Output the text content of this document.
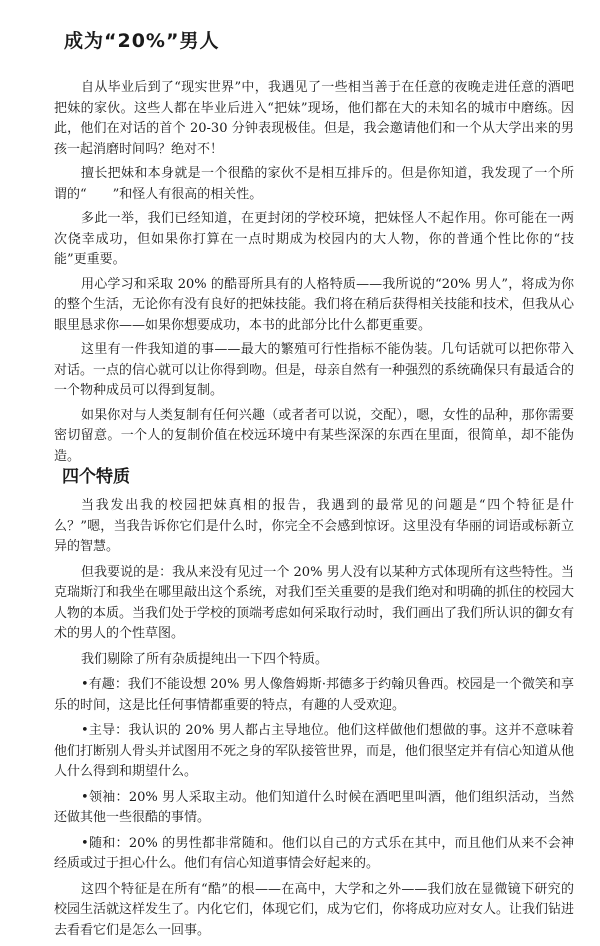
成为“20%”男人

自从毕业后到了“现实世界”中，我遇见了一些相当善于在任意的夜晚走进任意的酒吧把妹的家伙。这些人都在毕业后进入“把妹”现场，他们都在大的未知名的城市中磨练。因此，他们在对话的首个 20-30 分钟表现极佳。但是，我会邀请他们和一个从大学出来的男孩一起消磨时间吗？绝对不！

擅长把妹和本身就是一个很酷的家伙不是相互排斥的。但是你知道，我发现了一个所谓的“　　”和怪人有很高的相关性。

多此一举，我们已经知道，在更封闭的学校环境，把妹怪人不起作用。你可能在一两次侥幸成功，但如果你打算在一点时期成为校园内的大人物，你的普通个性比你的“技能”更重要。

用心学习和采取 20% 的酷哥所具有的人格特质——我所说的“20% 男人”，将成为你的整个生活，无论你有没有良好的把妹技能。我们将在稍后获得相关技能和技术，但我从心眼里恳求你——如果你想要成功，本书的此部分比什么都更重要。

这里有一件我知道的事——最大的繁殖可行性指标不能伪装。几句话就可以把你带入对话。一点的信心就可以让你得到吻。但是，母亲自然有一种强烈的系统确保只有最适合的一个物种成员可以得到复制。

如果你对与人类复制有任何兴趣（或者者可以说，交配），嗯，女性的品种，那你需要密切留意。一个人的复制价值在校远环境中有某些深深的东西在里面，很简单，却不能伪造。

四个特质

当我发出我的校园把妹真相的报告，我遇到的最常见的问题是“四个特征是什么？”嗯，当我告诉你它们是什么时，你完全不会感到惊讶。这里没有华丽的词语或标新立异的智慧。

但我要说的是：我从来没有见过一个 20% 男人没有以某种方式体现所有这些特性。当克瑞斯汀和我坐在哪里敲出这个系统，对我们至关重要的是我们绝对和明确的抓住的校园大人物的本质。当我们处于学校的顶端考虑如何采取行动时，我们画出了我们所认识的御女有术的男人的个性草图。

我们剔除了所有杂质提纯出一下四个特质。

•有趣：我们不能设想 20% 男人像詹姆斯·邦德多于约翰贝鲁西。校园是一个微笑和享乐的时间，这是比任何事情都重要的特点，有趣的人受欢迎。

•主导：我认识的 20% 男人都占主导地位。他们这样做他们想做的事。这并不意味着他们打断别人骨头并试图用不死之身的军队接管世界，而是，他们很坚定并有信心知道从他人什么得到和期望什么。

•领袖：20% 男人采取主动。他们知道什么时候在酒吧里叫酒，他们组织活动，当然还做其他一些很酷的事情。

•随和：20% 的男性都非常随和。他们以自己的方式乐在其中，而且他们从来不会神经质或过于担心什么。他们有信心知道事情会好起来的。

这四个特征是在所有“酷”的根——在高中，大学和之外——我们放在显微镜下研究的校园生活就这样发生了。内化它们，体现它们，成为它们，你将成功应对女人。让我们钻进去看看它们是怎么一回事。
